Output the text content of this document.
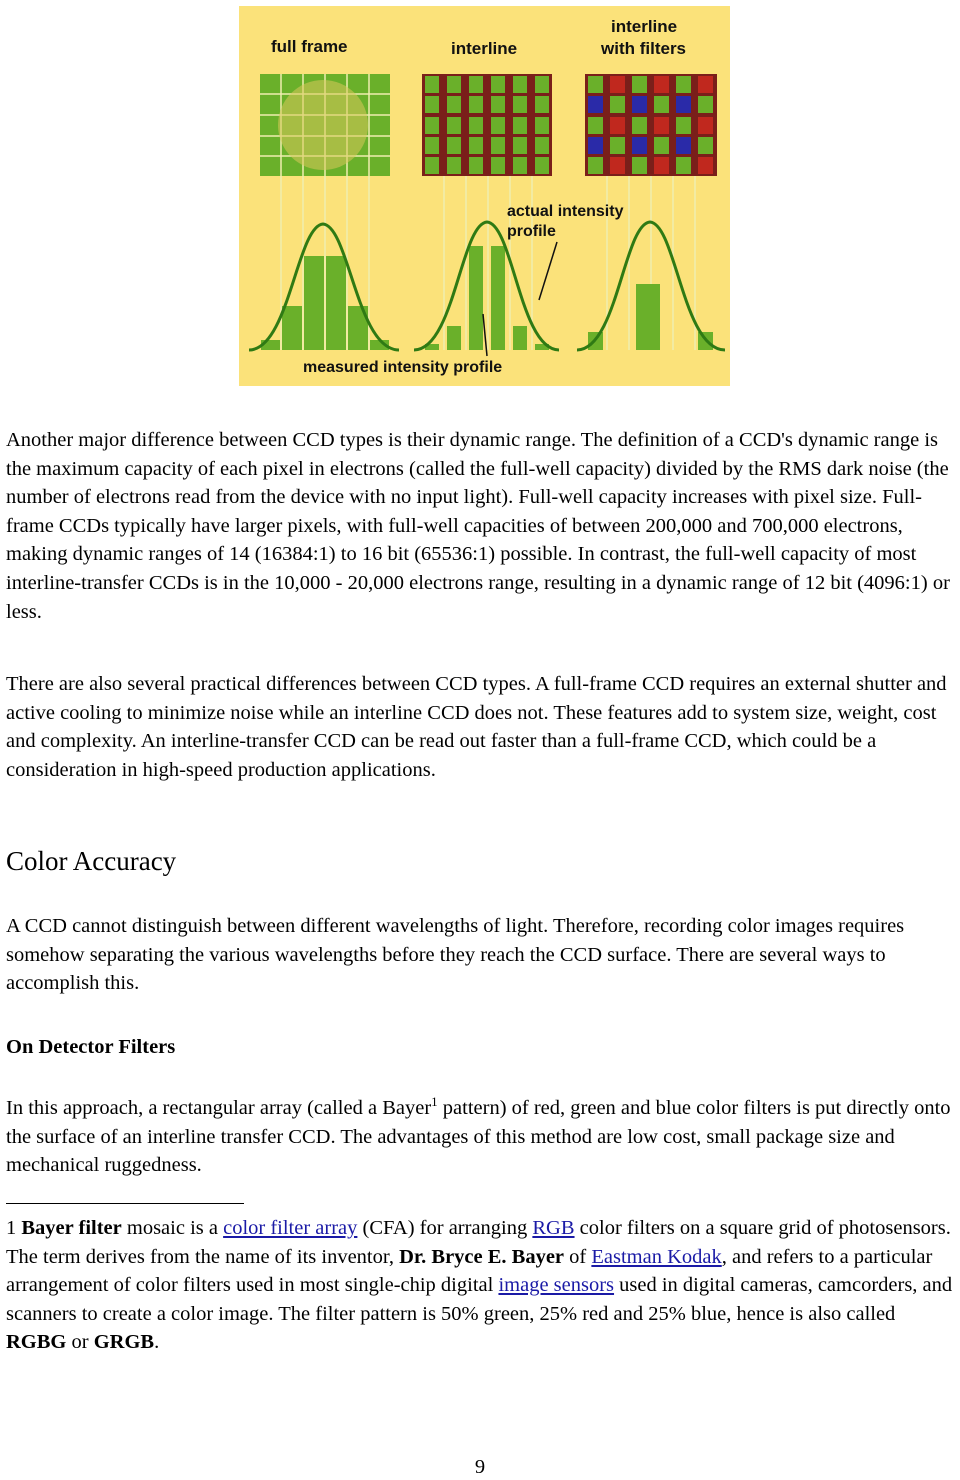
full frame	interline
interline
with filters
actual intensity
profile
measured intensity profile

Another major difference between CCD types is their dynamic range. The definition of a CCD's dynamic range is the maximum capacity of each pixel in electrons (called the full-well capacity) divided by the RMS dark noise (the number of electrons read from the device with no input light). Full-well capacity increases with pixel size. Full-frame CCDs typically have larger pixels, with full-well capacities of between 200,000 and 700,000 electrons, making dynamic ranges of 14 (16384:1) to 16 bit (65536:1) possible. In contrast, the full-well capacity of most interline-transfer CCDs is in the 10,000 - 20,000 electrons range, resulting in a dynamic range of 12 bit (4096:1) or less.

There are also several practical differences between CCD types. A full-frame CCD requires an external shutter and active cooling to minimize noise while an interline CCD does not. These features add to system size, weight, cost and complexity. An interline-transfer CCD can be read out faster than a full-frame CCD, which could be a consideration in high-speed production applications.

Color Accuracy

A CCD cannot distinguish between different wavelengths of light. Therefore, recording color images requires somehow separating the various wavelengths before they reach the CCD surface. There are several ways to accomplish this.

On Detector Filters

In this approach, a rectangular array (called a Bayer$^1$ pattern) of red, green and blue color filters is put directly onto the surface of an interline transfer CCD. The advantages of this method are low cost, small package size and mechanical ruggedness.

1 Bayer filter mosaic is a color filter array (CFA) for arranging RGB color filters on a square grid of photosensors. The term derives from the name of its inventor, Dr. Bryce E. Bayer of Eastman Kodak, and refers to a particular arrangement of color filters used in most single-chip digital image sensors used in digital cameras, camcorders, and scanners to create a color image. The filter pattern is 50% green, 25% red and 25% blue, hence is also called RGBG or GRGB.

9
